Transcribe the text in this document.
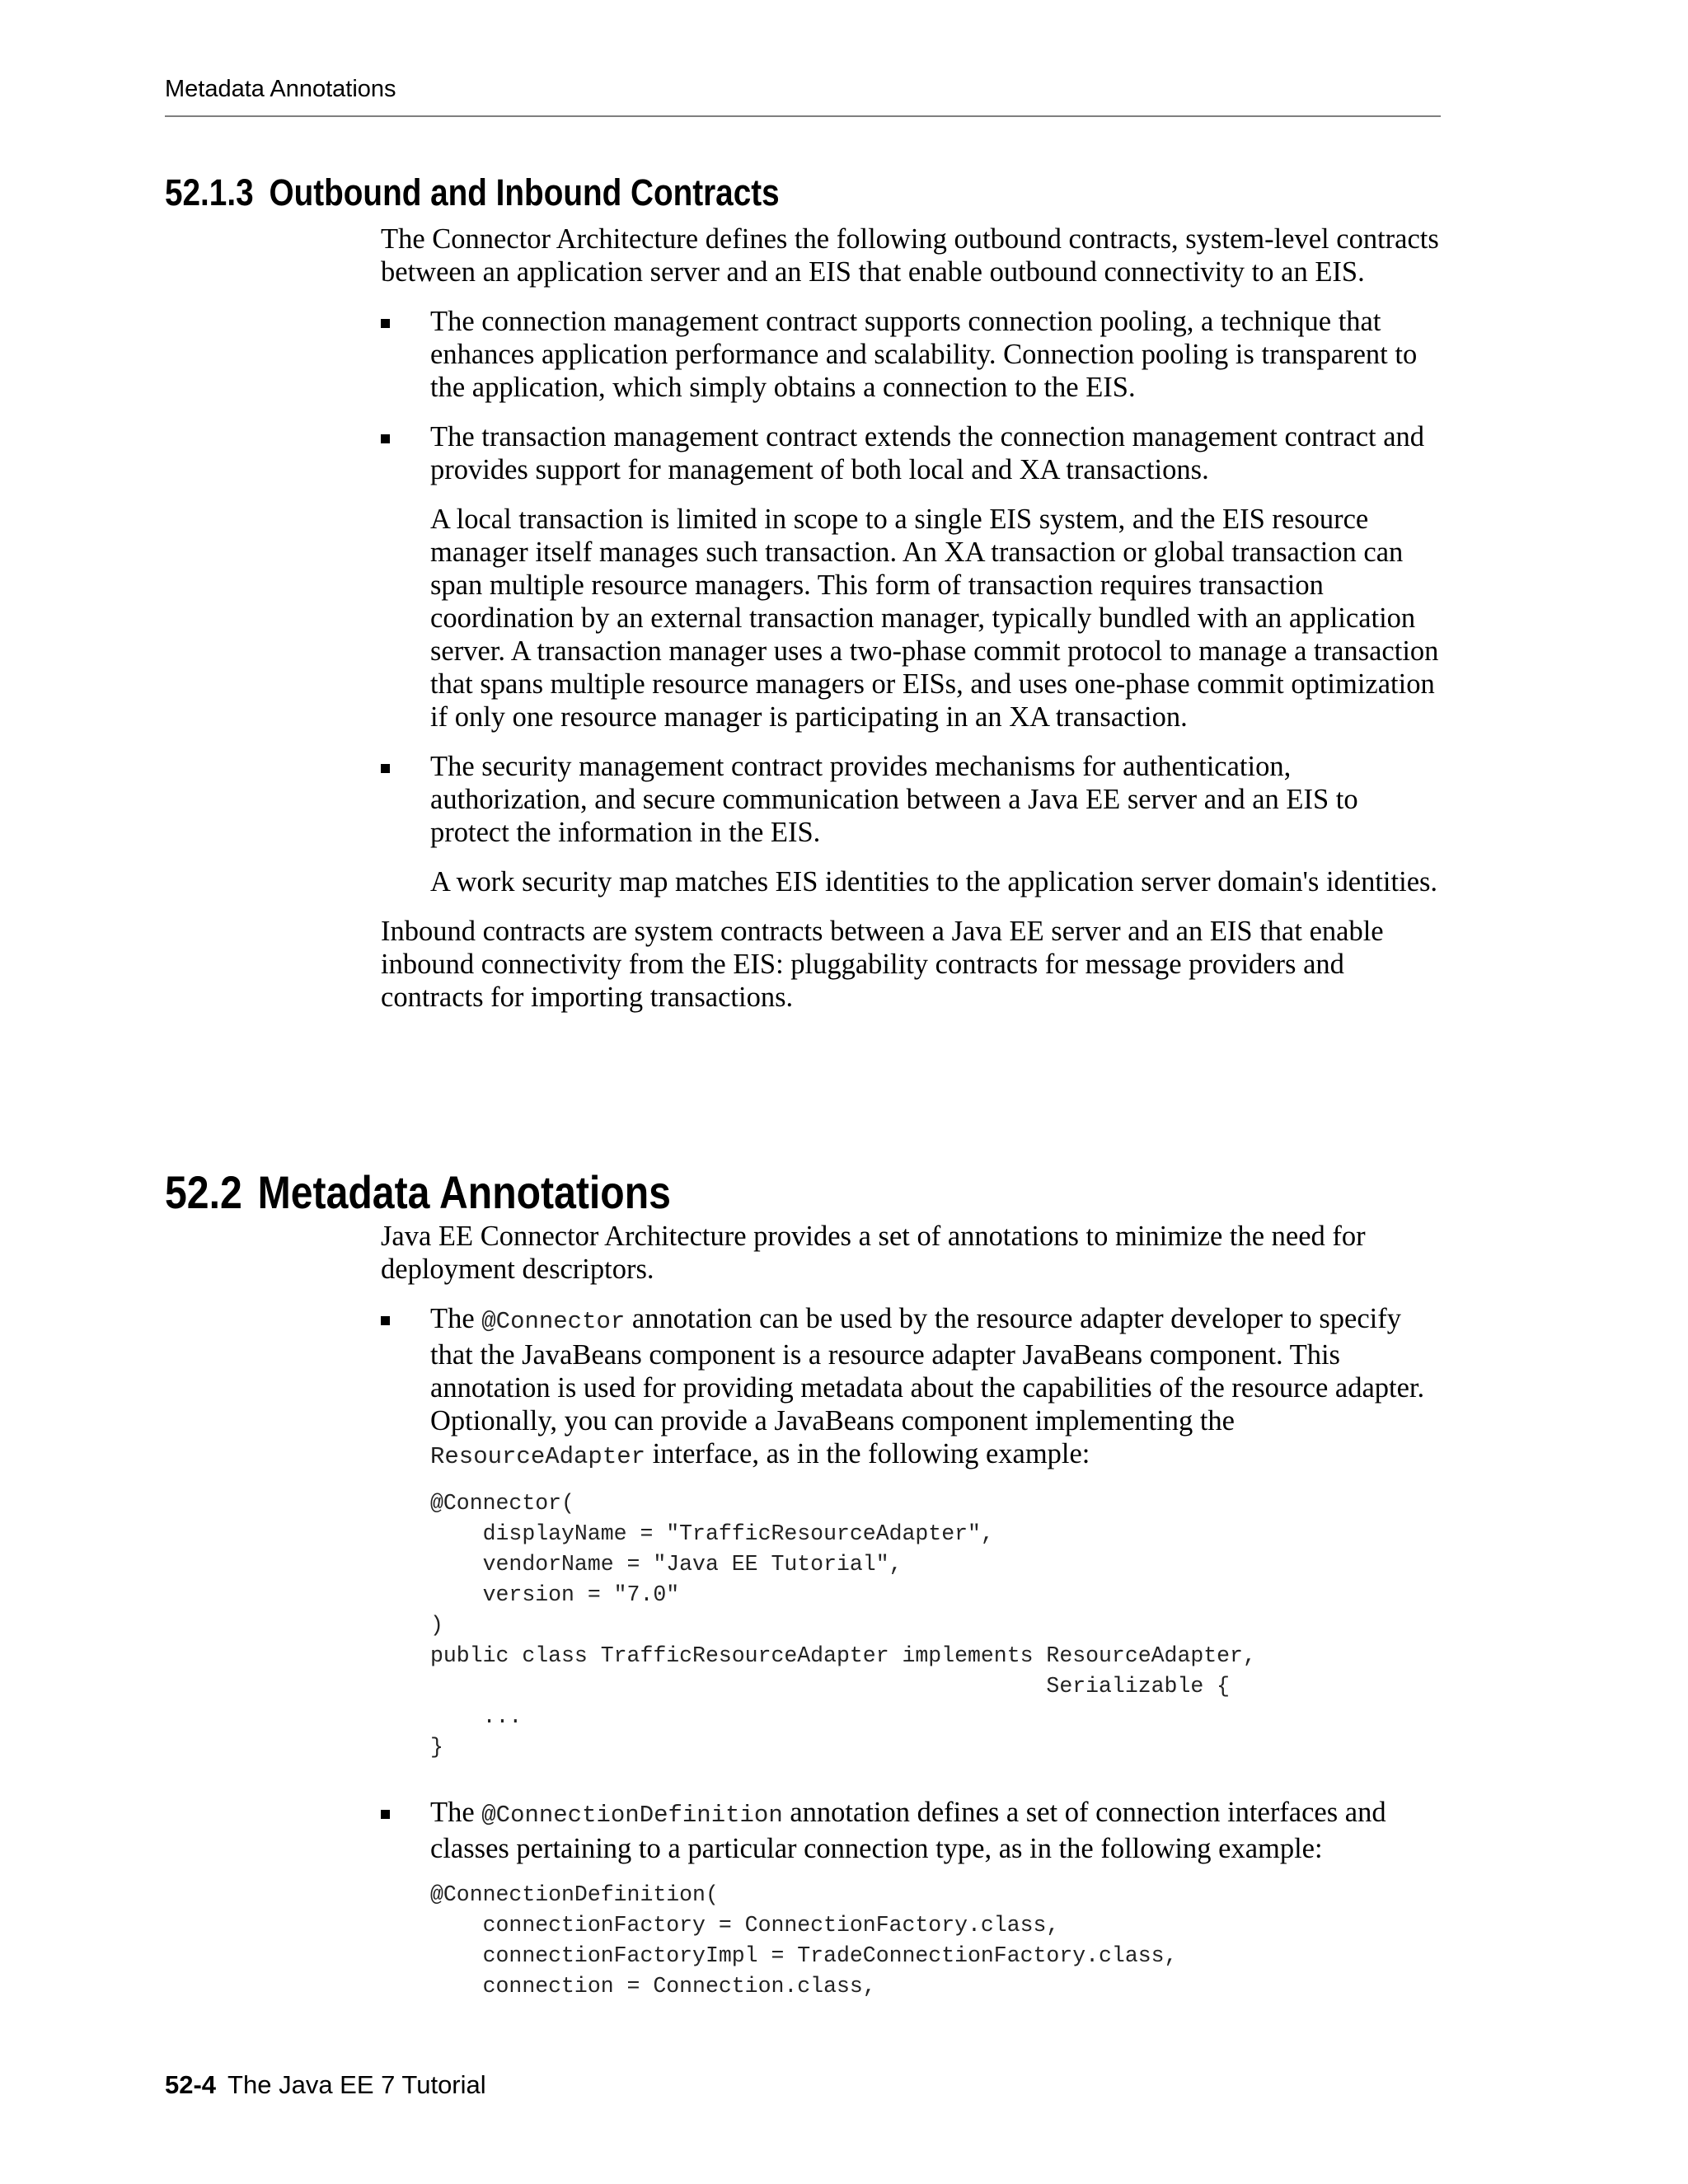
Metadata Annotations
52.1.3 Outbound and Inbound Contracts

The Connector Architecture defines the following outbound contracts, system-level contracts between an application server and an EIS that enable outbound connectivity to an EIS.

The connection management contract supports connection pooling, a technique that enhances application performance and scalability. Connection pooling is transparent to the application, which simply obtains a connection to the EIS.

The transaction management contract extends the connection management contract and provides support for management of both local and XA transactions.

A local transaction is limited in scope to a single EIS system, and the EIS resource manager itself manages such transaction. An XA transaction or global transaction can span multiple resource managers. This form of transaction requires transaction coordination by an external transaction manager, typically bundled with an application server. A transaction manager uses a two-phase commit protocol to manage a transaction that spans multiple resource managers or EISs, and uses one-phase commit optimization if only one resource manager is participating in an XA transaction.

The security management contract provides mechanisms for authentication, authorization, and secure communication between a Java EE server and an EIS to protect the information in the EIS.

A work security map matches EIS identities to the application server domain's identities.

Inbound contracts are system contracts between a Java EE server and an EIS that enable inbound connectivity from the EIS: pluggability contracts for message providers and contracts for importing transactions.

52.2 Metadata Annotations

Java EE Connector Architecture provides a set of annotations to minimize the need for deployment descriptors.

The @Connector annotation can be used by the resource adapter developer to specify that the JavaBeans component is a resource adapter JavaBeans component. This annotation is used for providing metadata about the capabilities of the resource adapter. Optionally, you can provide a JavaBeans component implementing the ResourceAdapter interface, as in the following example:

@Connector(
displayName = "TrafficResourceAdapter",
vendorName = "Java EE Tutorial",
version = "7.0"
)
public class TrafficResourceAdapter implements ResourceAdapter,
Serializable {
...
}

The @ConnectionDefinition annotation defines a set of connection interfaces and classes pertaining to a particular connection type, as in the following example:

@ConnectionDefinition(
connectionFactory = ConnectionFactory.class,
connectionFactoryImpl = TradeConnectionFactory.class,
connection = Connection.class,
52-4 The Java EE 7 Tutorial
